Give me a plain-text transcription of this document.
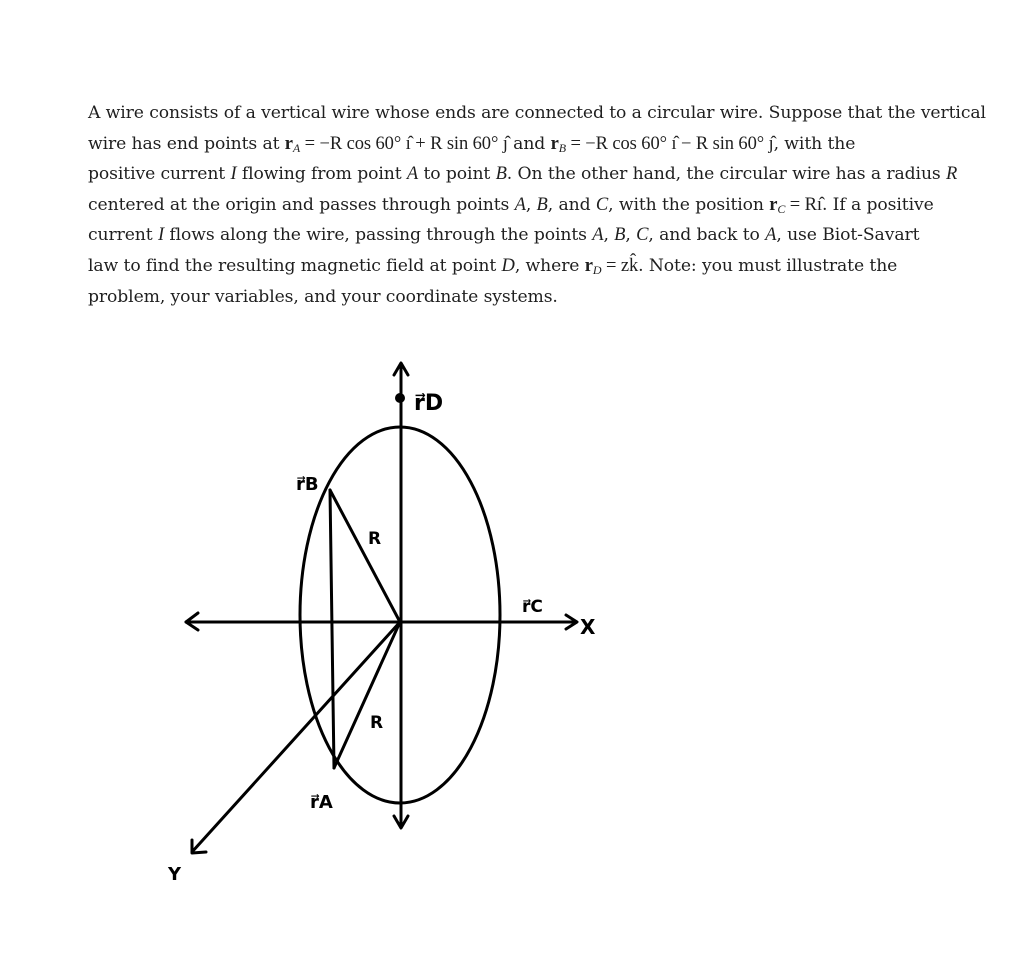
A wire consists of a vertical wire whose ends are connected to a circular wire. Suppose that the vertical

wire has end points at $r_A = -R$ cos 60° ı̂ + R sin 60° ȷ̂ and $r_B = -R$ cos 60° ı̂ − R sin 60° ȷ̂, with the

positive current I flowing from point A to point B. On the other hand, the circular wire has a radius R

centered at the origin and passes through points A, B, and C, with the position $r_C$ = Rı̂. If a positive

current I flows along the wire, passing through the points A, B, C, and back to A, use Biot-Savart

law to find the resulting magnetic field at point D, where $r_D$ = zk̂. Note: you must illustrate the

problem, your variables, and your coordinate systems.

r⃗D
r⃗B
r⃗C
r⃗A
R
R
X
Y
